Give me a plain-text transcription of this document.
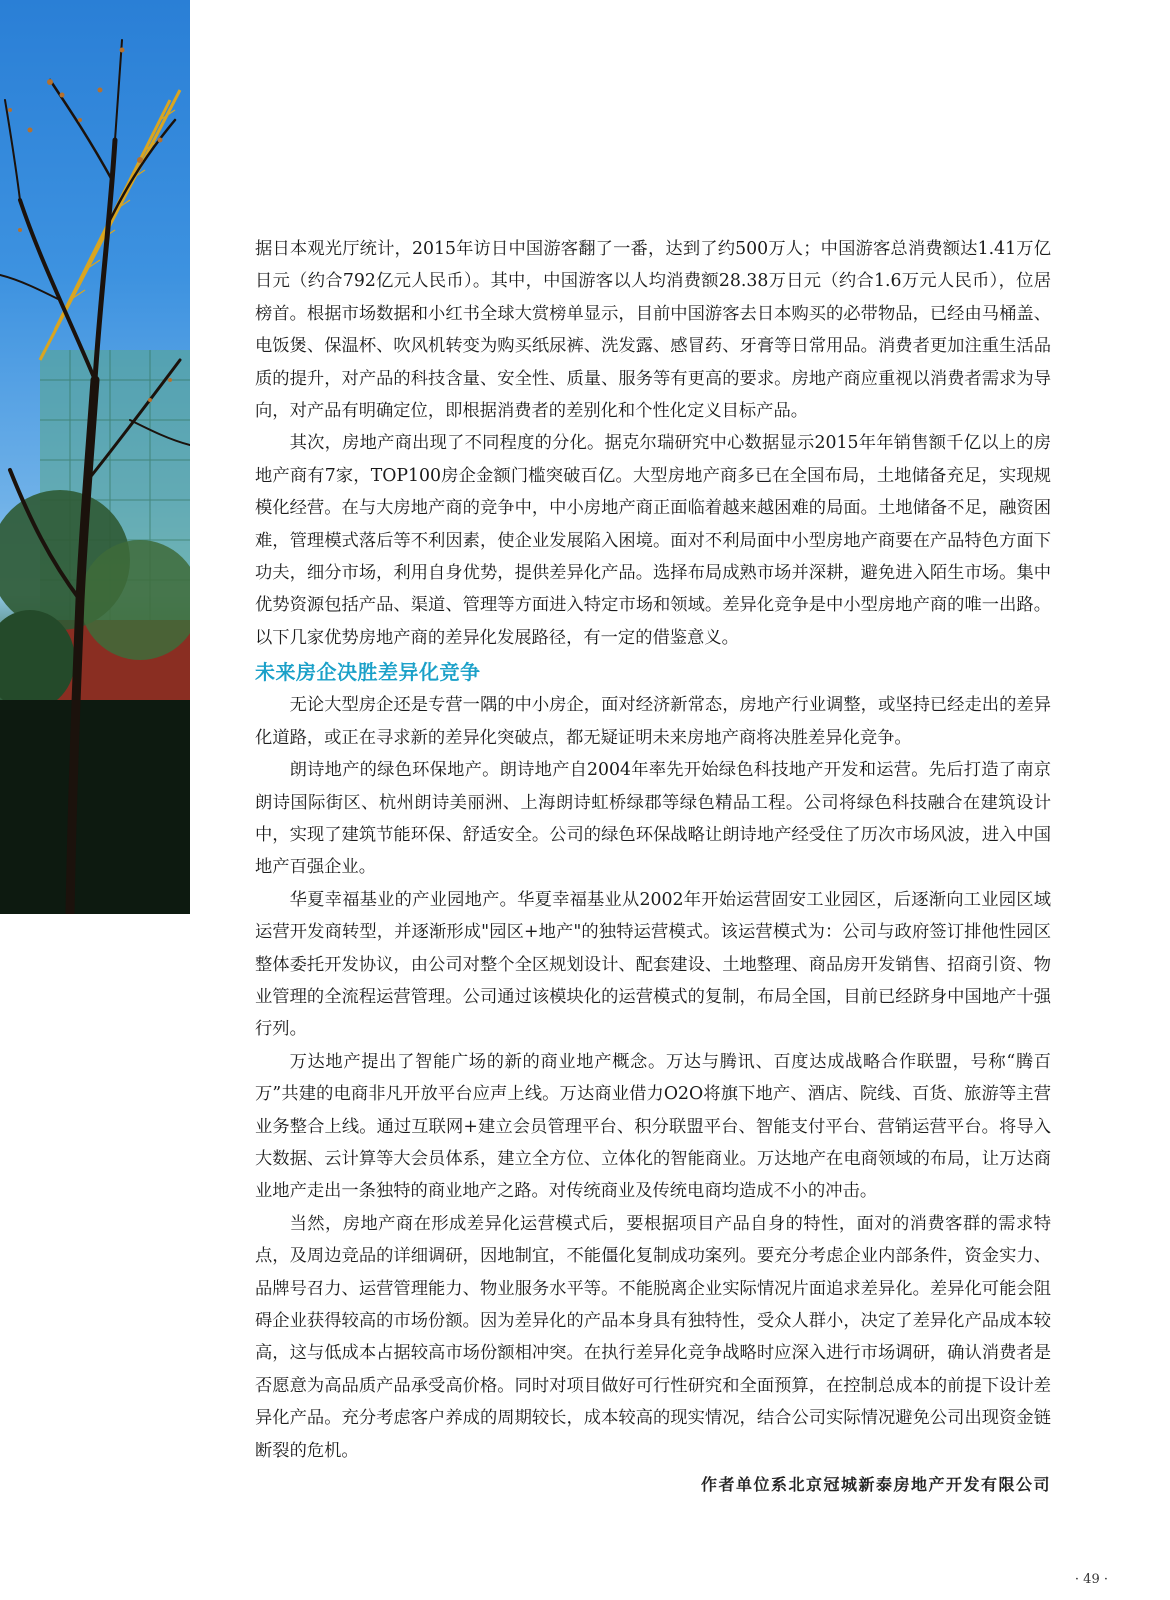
据日本观光厅统计，2015年访日中国游客翻了一番，达到了约500万人；中国游客总消费额达1.41万亿日元（约合792亿元人民币）。其中，中国游客以人均消费额28.38万日元（约合1.6万元人民币），位居榜首。根据市场数据和小红书全球大赏榜单显示，目前中国游客去日本购买的必带物品，已经由马桶盖、电饭煲、保温杯、吹风机转变为购买纸尿裤、洗发露、感冒药、牙膏等日常用品。消费者更加注重生活品质的提升，对产品的科技含量、安全性、质量、服务等有更高的要求。房地产商应重视以消费者需求为导向，对产品有明确定位，即根据消费者的差别化和个性化定义目标产品。

其次，房地产商出现了不同程度的分化。据克尔瑞研究中心数据显示2015年年销售额千亿以上的房地产商有7家，TOP100房企金额门槛突破百亿。大型房地产商多已在全国布局，土地储备充足，实现规模化经营。在与大房地产商的竞争中，中小房地产商正面临着越来越困难的局面。土地储备不足，融资困难，管理模式落后等不利因素，使企业发展陷入困境。面对不利局面中小型房地产商要在产品特色方面下功夫，细分市场，利用自身优势，提供差异化产品。选择布局成熟市场并深耕，避免进入陌生市场。集中优势资源包括产品、渠道、管理等方面进入特定市场和领域。差异化竞争是中小型房地产商的唯一出路。以下几家优势房地产商的差异化发展路径，有一定的借鉴意义。

未来房企决胜差异化竞争

无论大型房企还是专营一隅的中小房企，面对经济新常态，房地产行业调整，或坚持已经走出的差异化道路，或正在寻求新的差异化突破点，都无疑证明未来房地产商将决胜差异化竞争。

朗诗地产的绿色环保地产。朗诗地产自2004年率先开始绿色科技地产开发和运营。先后打造了南京朗诗国际街区、杭州朗诗美丽洲、上海朗诗虹桥绿郡等绿色精品工程。公司将绿色科技融合在建筑设计中，实现了建筑节能环保、舒适安全。公司的绿色环保战略让朗诗地产经受住了历次市场风波，进入中国地产百强企业。

华夏幸福基业的产业园地产。华夏幸福基业从2002年开始运营固安工业园区，后逐渐向工业园区域运营开发商转型，并逐渐形成"园区+地产"的独特运营模式。该运营模式为：公司与政府签订排他性园区整体委托开发协议，由公司对整个全区规划设计、配套建设、土地整理、商品房开发销售、招商引资、物业管理的全流程运营管理。公司通过该模块化的运营模式的复制，布局全国，目前已经跻身中国地产十强行列。

万达地产提出了智能广场的新的商业地产概念。万达与腾讯、百度达成战略合作联盟，号称“腾百万”共建的电商非凡开放平台应声上线。万达商业借力O2O将旗下地产、酒店、院线、百货、旅游等主营业务整合上线。通过互联网+建立会员管理平台、积分联盟平台、智能支付平台、营销运营平台。将导入大数据、云计算等大会员体系，建立全方位、立体化的智能商业。万达地产在电商领域的布局，让万达商业地产走出一条独特的商业地产之路。对传统商业及传统电商均造成不小的冲击。

当然，房地产商在形成差异化运营模式后，要根据项目产品自身的特性，面对的消费客群的需求特点，及周边竞品的详细调研，因地制宜，不能僵化复制成功案列。要充分考虑企业内部条件，资金实力、品牌号召力、运营管理能力、物业服务水平等。不能脱离企业实际情况片面追求差异化。差异化可能会阻碍企业获得较高的市场份额。因为差异化的产品本身具有独特性，受众人群小，决定了差异化产品成本较高，这与低成本占据较高市场份额相冲突。在执行差异化竞争战略时应深入进行市场调研，确认消费者是否愿意为高品质产品承受高价格。同时对项目做好可行性研究和全面预算，在控制总成本的前提下设计差异化产品。充分考虑客户养成的周期较长，成本较高的现实情况，结合公司实际情况避免公司出现资金链断裂的危机。

作者单位系北京冠城新泰房地产开发有限公司

· 49 ·
